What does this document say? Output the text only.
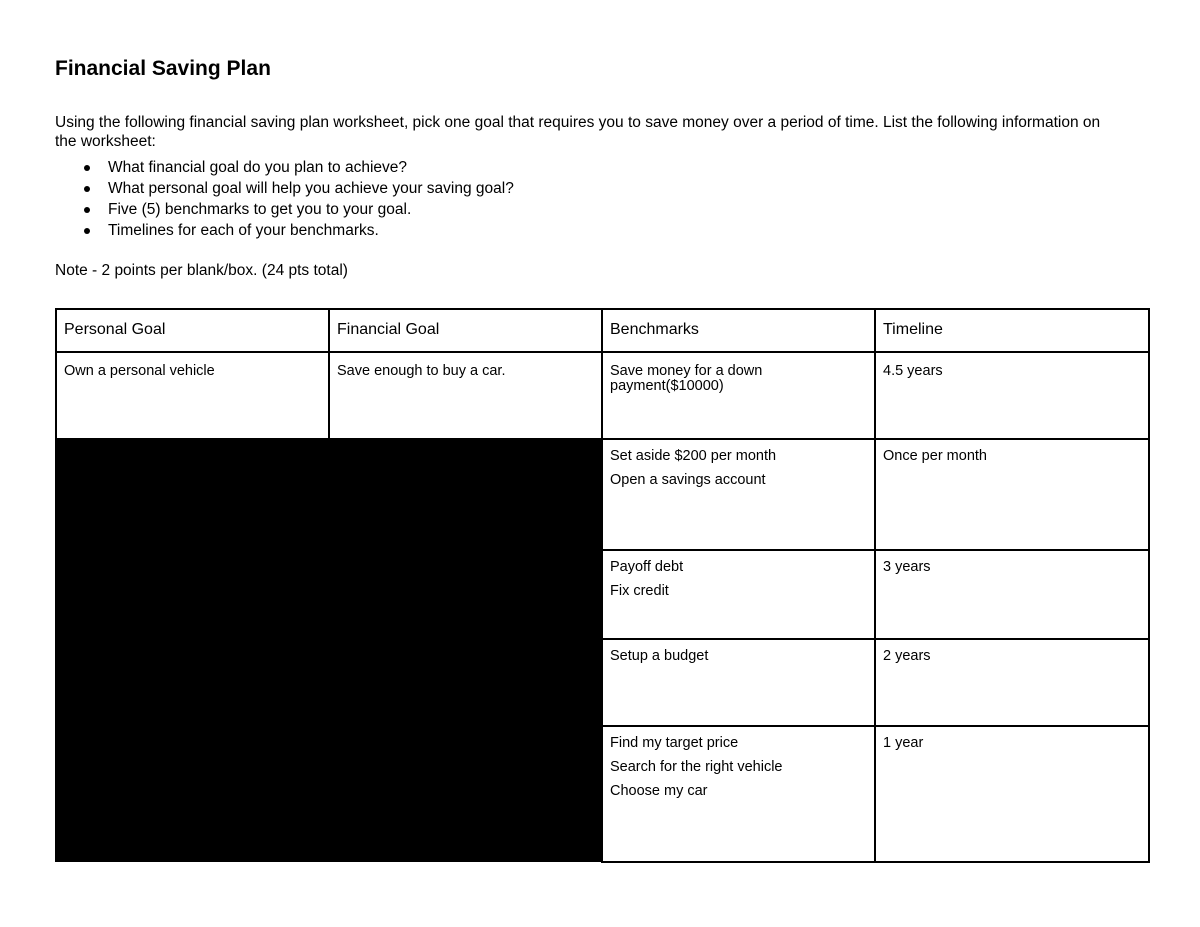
Financial Saving Plan

Using the following financial saving plan worksheet, pick one goal that requires you to save money over a period of time. List the following information on the worksheet:

What financial goal do you plan to achieve?
What personal goal will help you achieve your saving goal?
Five (5) benchmarks to get you to your goal.
Timelines for each of your benchmarks.

Note - 2 points per blank/box. (24 pts total)

Personal Goal	Financial Goal	Benchmarks	Timeline

Own a personal vehicle	Save enough to buy a car.	Save money for a down
payment($10000)	4.5 years

		Set aside $200 per month
Open a savings account	Once per month

		Payoff debt
Fix credit	3 years

		Setup a budget	2 years

		Find my target price
Search for the right vehicle
Choose my car	1 year
